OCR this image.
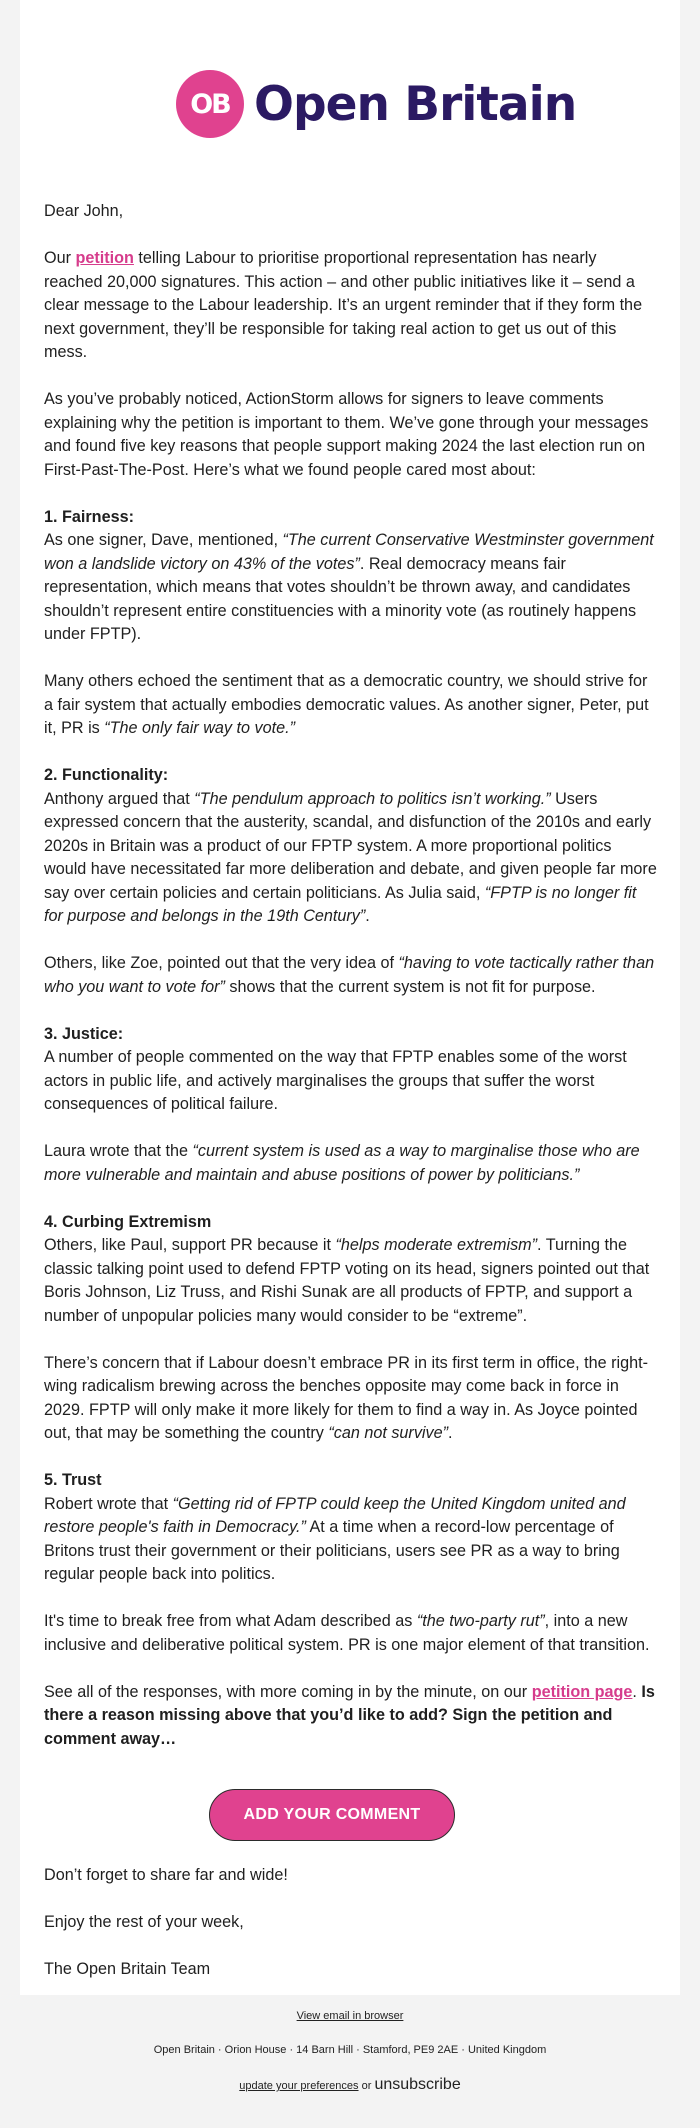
OB Open Britain

Dear John,

Our petition telling Labour to prioritise proportional representation has nearly reached 20,000 signatures. This action – and other public initiatives like it – send a clear message to the Labour leadership. It’s an urgent reminder that if they form the next government, they’ll be responsible for taking real action to get us out of this mess.

As you’ve probably noticed, ActionStorm allows for signers to leave comments explaining why the petition is important to them. We’ve gone through your messages and found five key reasons that people support making 2024 the last election run on First-Past-The-Post. Here’s what we found people cared most about:

1. Fairness:
As one signer, Dave, mentioned, “The current Conservative Westminster government won a landslide victory on 43% of the votes”. Real democracy means fair representation, which means that votes shouldn’t be thrown away, and candidates shouldn’t represent entire constituencies with a minority vote (as routinely happens under FPTP).

Many others echoed the sentiment that as a democratic country, we should strive for a fair system that actually embodies democratic values. As another signer, Peter, put it, PR is “The only fair way to vote.”

2. Functionality:
Anthony argued that “The pendulum approach to politics isn’t working.” Users expressed concern that the austerity, scandal, and disfunction of the 2010s and early 2020s in Britain was a product of our FPTP system. A more proportional politics would have necessitated far more deliberation and debate, and given people far more say over certain policies and certain politicians. As Julia said, “FPTP is no longer fit for purpose and belongs in the 19th Century”.

Others, like Zoe, pointed out that the very idea of “having to vote tactically rather than who you want to vote for” shows that the current system is not fit for purpose.

3. Justice:
A number of people commented on the way that FPTP enables some of the worst actors in public life, and actively marginalises the groups that suffer the worst consequences of political failure.

Laura wrote that the “current system is used as a way to marginalise those who are more vulnerable and maintain and abuse positions of power by politicians.”

4. Curbing Extremism
Others, like Paul, support PR because it “helps moderate extremism”. Turning the classic talking point used to defend FPTP voting on its head, signers pointed out that Boris Johnson, Liz Truss, and Rishi Sunak are all products of FPTP, and support a number of unpopular policies many would consider to be “extreme”.

There’s concern that if Labour doesn’t embrace PR in its first term in office, the right-wing radicalism brewing across the benches opposite may come back in force in 2029. FPTP will only make it more likely for them to find a way in. As Joyce pointed out, that may be something the country “can not survive”.

5. Trust
Robert wrote that “Getting rid of FPTP could keep the United Kingdom united and restore people's faith in Democracy.” At a time when a record-low percentage of Britons trust their government or their politicians, users see PR as a way to bring regular people back into politics.

It's time to break free from what Adam described as “the two-party rut”, into a new inclusive and deliberative political system. PR is one major element of that transition.

See all of the responses, with more coming in by the minute, on our petition page. Is there a reason missing above that you’d like to add? Sign the petition and comment away…

ADD YOUR COMMENT

Don’t forget to share far and wide!

Enjoy the rest of your week,

The Open Britain Team

View email in browser

Open Britain · Orion House · 14 Barn Hill · Stamford, PE9 2AE · United Kingdom

update your preferences or unsubscribe
